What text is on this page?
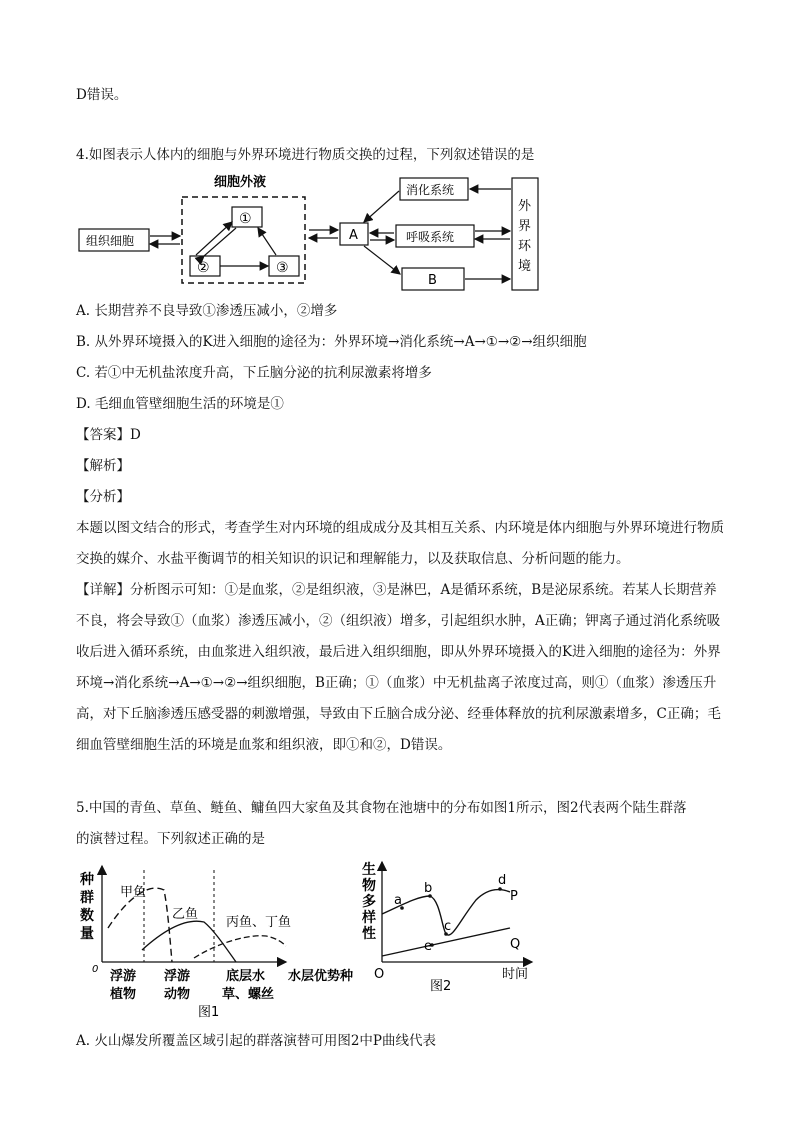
D错误。
4.如图表示人体内的细胞与外界环境进行物质交换的过程，下列叙述错误的是
细胞外液
组织细胞
①
②	③
A
消化系统
呼吸系统
B
外
界
环
境
A. 长期营养不良导致①渗透压减小，②增多
B. 从外界环境摄入的K进入细胞的途径为：外界环境→消化系统→A→①→②→组织细胞
C. 若①中无机盐浓度升高，下丘脑分泌的抗利尿激素将增多
D. 毛细血管壁细胞生活的环境是①
【答案】D
【解析】
【分析】
本题以图文结合的形式，考查学生对内环境的组成成分及其相互关系、内环境是体内细胞与外界环境进行物质交换的媒介、水盐平衡调节的相关知识的识记和理解能力，以及获取信息、分析问题的能力。
【详解】分析图示可知：①是血浆，②是组织液，③是淋巴，A是循环系统，B是泌尿系统。若某人长期营养不良，将会导致①（血浆）渗透压减小，②（组织液）增多，引起组织水肿，A正确；钾离子通过消化系统吸收后进入循环系统，由血浆进入组织液，最后进入组织细胞，即从外界环境摄入的K进入细胞的途径为：外界环境→消化系统→A→①→②→组织细胞，B正确；①（血浆）中无机盐离子浓度过高，则①（血浆）渗透压升高，对下丘脑渗透压感受器的刺激增强，导致由下丘脑合成分泌、经垂体释放的抗利尿激素增多，C正确；毛细血管壁细胞生活的环境是血浆和组织液，即①和②，D错误。
5.中国的青鱼、草鱼、鲢鱼、鳙鱼四大家鱼及其食物在池塘中的分布如图1所示，图2代表两个陆生群落
的演替过程。下列叙述正确的是
种
群
数
量
0
甲鱼
乙鱼
丙鱼、丁鱼
浮游
植物
浮游
动物
底层水
草、螺丝
水层优势种
图1
生
物
多
样
性
O
a
b
c
d
e
P
Q
时间
图2
A. 火山爆发所覆盖区域引起的群落演替可用图2中P曲线代表
